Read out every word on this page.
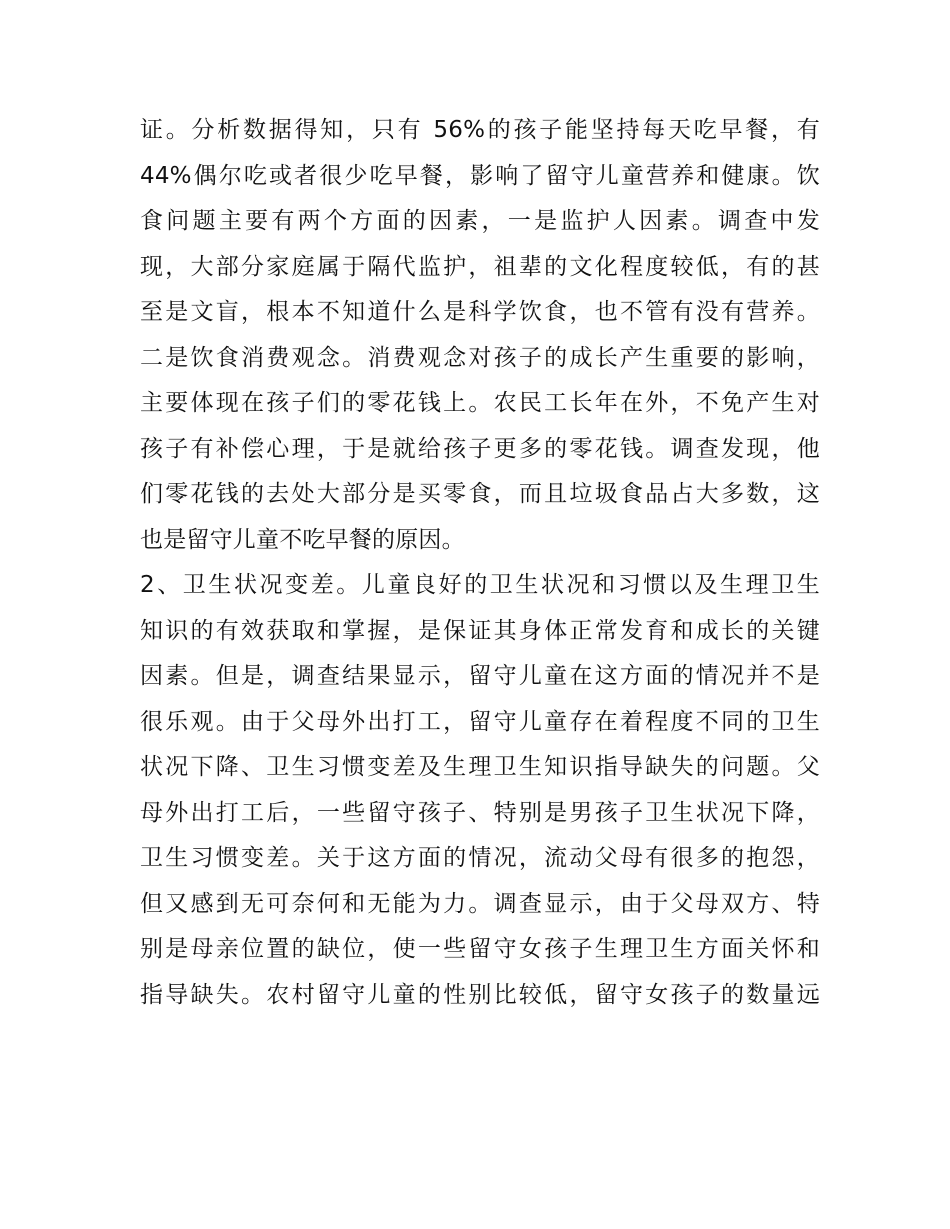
证。分析数据得知，只有 56%的孩子能坚持每天吃早餐，有
44%偶尔吃或者很少吃早餐，影响了留守儿童营养和健康。饮
食问题主要有两个方面的因素，一是监护人因素。调查中发
现，大部分家庭属于隔代监护，祖辈的文化程度较低，有的甚
至是文盲，根本不知道什么是科学饮食，也不管有没有营养。
二是饮食消费观念。消费观念对孩子的成长产生重要的影响，
主要体现在孩子们的零花钱上。农民工长年在外，不免产生对
孩子有补偿心理，于是就给孩子更多的零花钱。调查发现，他
们零花钱的去处大部分是买零食，而且垃圾食品占大多数，这
也是留守儿童不吃早餐的原因。
2、卫生状况变差。儿童良好的卫生状况和习惯以及生理卫生
知识的有效获取和掌握，是保证其身体正常发育和成长的关键
因素。但是，调查结果显示，留守儿童在这方面的情况并不是
很乐观。由于父母外出打工，留守儿童存在着程度不同的卫生
状况下降、卫生习惯变差及生理卫生知识指导缺失的问题。父
母外出打工后，一些留守孩子、特别是男孩子卫生状况下降，
卫生习惯变差。关于这方面的情况，流动父母有很多的抱怨，
但又感到无可奈何和无能为力。调查显示，由于父母双方、特
别是母亲位置的缺位，使一些留守女孩子生理卫生方面关怀和
指导缺失。农村留守儿童的性别比较低，留守女孩子的数量远
